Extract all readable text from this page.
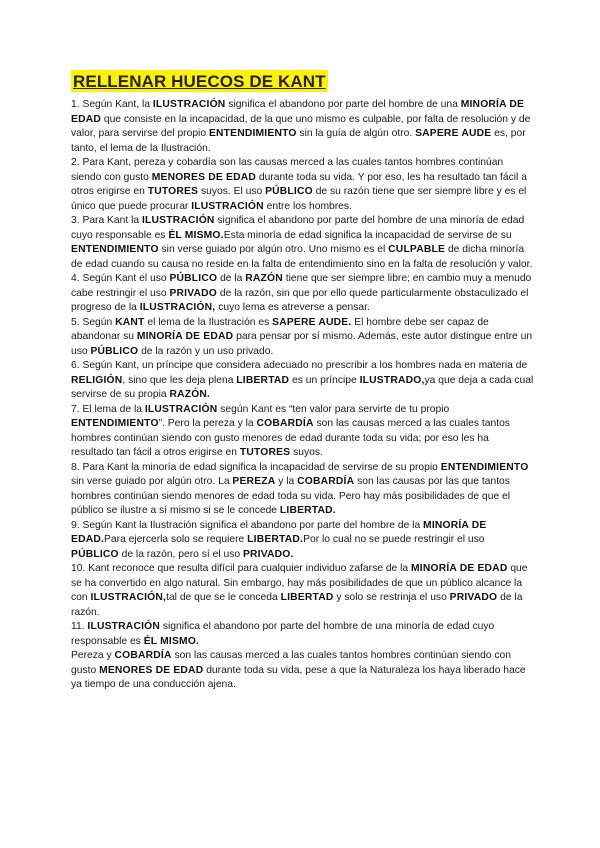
RELLENAR HUECOS DE KANT

1. Según Kant, la ILUSTRACIÓN significa el abandono por parte del hombre de una MINORÍA DE EDAD que consiste en la incapacidad, de la que uno mismo es culpable, por falta de resolución y de valor, para servirse del propio ENTENDIMIENTO sin la guía de algún otro. SAPERE AUDE es, por tanto, el lema de la Ilustración.

2. Para Kant, pereza y cobardía son las causas merced a las cuales tantos hombres continúan siendo con gusto MENORES DE EDAD durante toda su vida. Y por eso, les ha resultado tan fácil a otros erigirse en TUTORES suyos. El uso PÚBLICO de su razón tiene que ser siempre libre y es el único que puede procurar ILUSTRACIÓN entre los hombres.

3. Para Kant la ILUSTRACIÓN significa el abandono por parte del hombre de una minoría de edad cuyo responsable es ÉL MISMO.Esta minoría de edad significa la incapacidad de servirse de su ENTENDIMIENTO sin verse guiado por algún otro. Uno mismo es el CULPABLE de dicha minoría de edad cuando su causa no reside en la falta de entendimiento sino en la falta de resolución y valor.

4. Según Kant el uso PÚBLICO de la RAZÓN tiene que ser siempre libre; en cambio muy a menudo cabe restringir el uso PRIVADO de la razón, sin que por ello quede particularmente obstaculizado el progreso de la ILUSTRACIÓN, cuyo lema es atreverse a pensar.

5. Según KANT el lema de la Ilustración es SAPERE AUDE. El hombre debe ser capaz de abandonar su MINORÍA DE EDAD para pensar por sí mismo. Además, este autor distingue entre un uso PÚBLICO de la razón y un uso privado.

6. Según Kant, un príncipe que considera adecuado no prescribir a los hombres nada en materia de RELIGIÓN, sino que les deja plena LIBERTAD es un príncipe ILUSTRADO,ya que deja a cada cual servirse de su propia RAZÓN.

7. El lema de la ILUSTRACIÓN según Kant es “ten valor para servirte de tu propio ENTENDIMIENTO”. Pero la pereza y la COBARDÍA son las causas merced a las cuales tantos hombres continúan siendo con gusto menores de edad durante toda su vida; por eso les ha resultado tan fácil a otros erigirse en TUTORES suyos.

8. Para Kant la minoría de edad significa la incapacidad de servirse de su propio ENTENDIMIENTO sin verse guiado por algún otro. La PEREZA y la COBARDÍA son las causas por las que tantos hombres continúan siendo menores de edad toda su vida. Pero hay más posibilidades de que el público se ilustre a sí mismo si se le concede LIBERTAD.

9. Según Kant la Ilustración significa el abandono por parte del hombre de la MINORÍA DE EDAD.Para ejercerla solo se requiere LIBERTAD.Por lo cual no se puede restringir el uso PÚBLICO de la razón, pero sí el uso PRIVADO.

10. Kant reconoce que resulta difícil para cualquier individuo zafarse de la MINORÍA DE EDAD que se ha convertido en algo natural. Sin embargo, hay más posibilidades de que un público alcance la con ILUSTRACIÓN,tal de que se le conceda LIBERTAD y solo se restrinja el uso PRIVADO de la razón.

11. ILUSTRACIÓN significa el abandono por parte del hombre de una minoría de edad cuyo responsable es ÉL MISMO.

Pereza y COBARDÍA son las causas merced a las cuales tantos hombres continúan siendo con gusto MENORES DE EDAD durante toda su vida, pese a que la Naturaleza los haya liberado hace ya tiempo de una conducción ajena.
